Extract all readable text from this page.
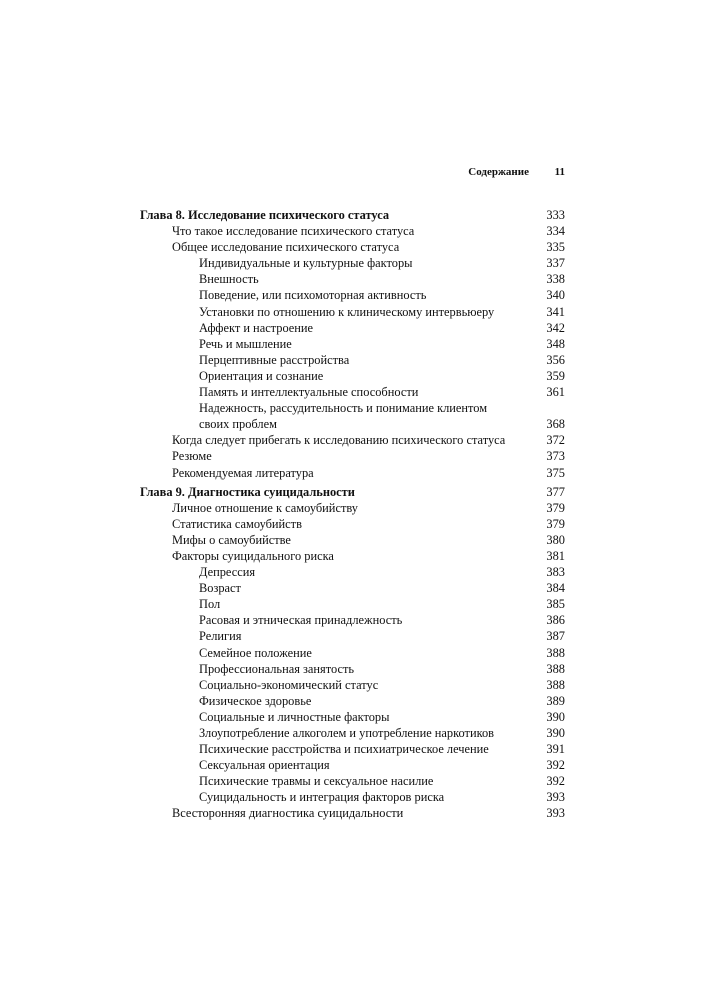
Содержание 11
Глава 8. Исследование психического статуса	333
Что такое исследование психического статуса	334
Общее исследование психического статуса	335
Индивидуальные и культурные факторы	337
Внешность	338
Поведение, или психомоторная активность	340
Установки по отношению к клиническому интервьюеру	341
Аффект и настроение	342
Речь и мышление	348
Перцептивные расстройства	356
Ориентация и сознание	359
Память и интеллектуальные способности	361
Надежность, рассудительность и понимание клиентом
своих проблем	368
Когда следует прибегать к исследованию психического статуса	372
Резюме	373
Рекомендуемая литература	375
Глава 9. Диагностика суицидальности	377
Личное отношение к самоубийству	379
Статистика самоубийств	379
Мифы о самоубийстве	380
Факторы суицидального риска	381
Депрессия	383
Возраст	384
Пол	385
Расовая и этническая принадлежность	386
Религия	387
Семейное положение	388
Профессиональная занятость	388
Социально-экономический статус	388
Физическое здоровье	389
Социальные и личностные факторы	390
Злоупотребление алкоголем и употребление наркотиков	390
Психические расстройства и психиатрическое лечение	391
Сексуальная ориентация	392
Психические травмы и сексуальное насилие	392
Суицидальность и интеграция факторов риска	393
Всесторонняя диагностика суицидальности	393
